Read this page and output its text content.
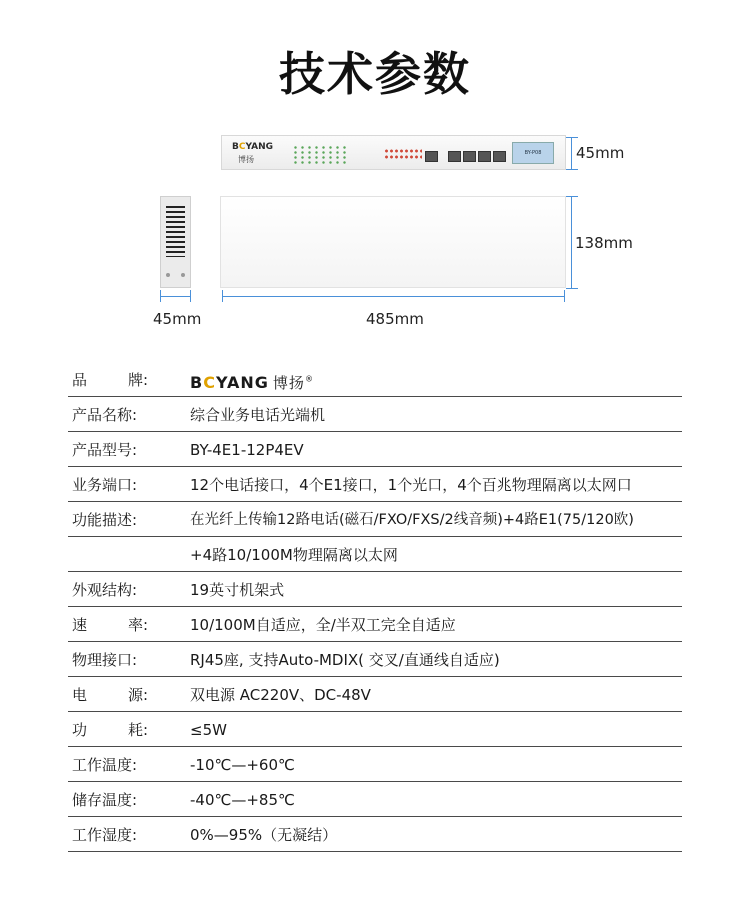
技术参数
BCYANG
博扬

BY-P08	45mm
138mm
45mm	485mm
品	牌:	BCYANG 博扬®
产品名称:	综合业务电话光端机
产品型号:	BY-4E1-12P4EV
业务端口:	12个电话接口，4个E1接口，1个光口，4个百兆物理隔离以太网口
功能描述:	在光纤上传输12路电话(磁石/FXO/FXS/2线音频)+4路E1(75/120欧)
+4路10/100M物理隔离以太网
外观结构:	19英寸机架式
速	率:	10/100M自适应，全/半双工完全自适应
物理接口:	RJ45座, 支持Auto-MDIX( 交叉/直通线自适应)
电	源:	双电源 AC220V、DC-48V
功	耗:	≤5W
工作温度:	-10℃—+60℃
储存温度:	-40℃—+85℃
工作湿度:	0%—95%（无凝结）
